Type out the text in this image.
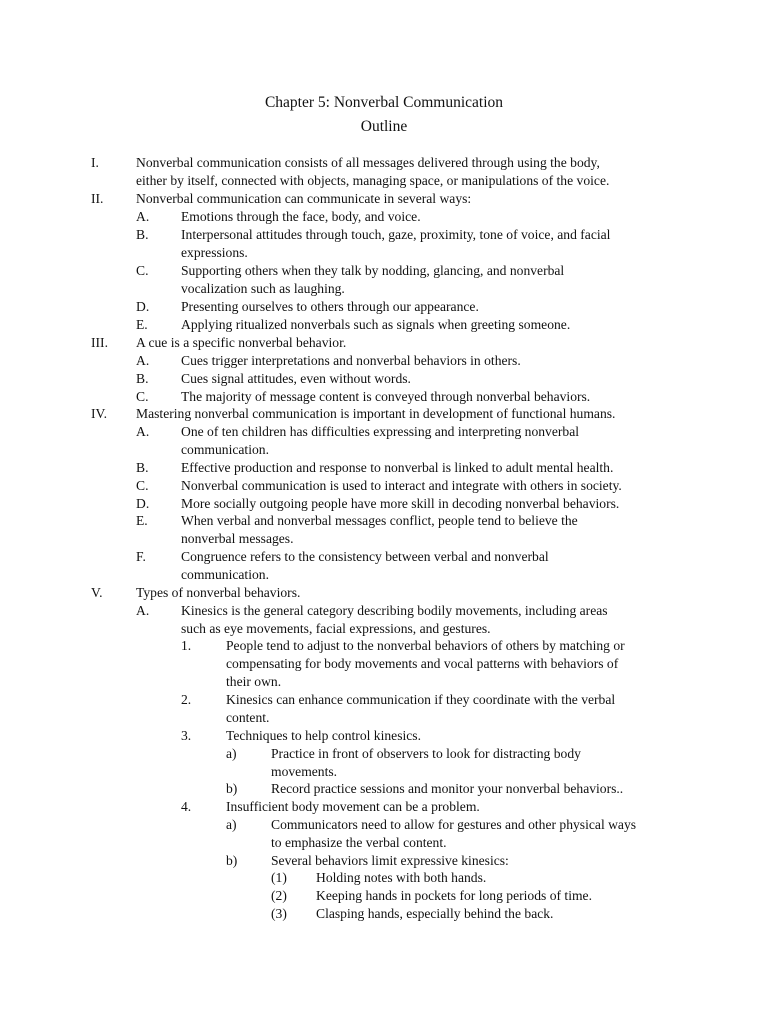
Chapter 5: Nonverbal Communication
Outline
I.	Nonverbal communication consists of all messages delivered through using the body,
either by itself, connected with objects, managing space, or manipulations of the voice.
II. Nonverbal communication can communicate in several ways:
A. Emotions through the face, body, and voice.
B. Interpersonal attitudes through touch, gaze, proximity, tone of voice, and facial
expressions.
C. Supporting others when they talk by nodding, glancing, and nonverbal
vocalization such as laughing.
D. Presenting ourselves to others through our appearance.
E. Applying ritualized nonverbals such as signals when greeting someone.
III. A cue is a specific nonverbal behavior.
A. Cues trigger interpretations and nonverbal behaviors in others.
B. Cues signal attitudes, even without words.
C. The majority of message content is conveyed through nonverbal behaviors.
IV. Mastering nonverbal communication is important in development of functional humans.
A. One of ten children has difficulties expressing and interpreting nonverbal
communication.
B. Effective production and response to nonverbal is linked to adult mental health.
C. Nonverbal communication is used to interact and integrate with others in society.
D. More socially outgoing people have more skill in decoding nonverbal behaviors.
E. When verbal and nonverbal messages conflict, people tend to believe the
nonverbal messages.
F.	Congruence refers to the consistency between verbal and nonverbal
communication.
V. Types of nonverbal behaviors.
A. Kinesics is the general category describing bodily movements, including areas
such as eye movements, facial expressions, and gestures.
1.	People tend to adjust to the nonverbal behaviors of others by matching or
compensating for body movements and vocal patterns with behaviors of
their own.
2.	Kinesics can enhance communication if they coordinate with the verbal
content.
3.	Techniques to help control kinesics.
a)	Practice in front of observers to look for distracting body
movements.
b) Record practice sessions and monitor your nonverbal behaviors..
4.	Insufficient body movement can be a problem.
a)	Communicators need to allow for gestures and other physical ways
to emphasize the verbal content.
b) Several behaviors limit expressive kinesics:
(1) Holding notes with both hands.
(2) Keeping hands in pockets for long periods of time.
(3) Clasping hands, especially behind the back.
